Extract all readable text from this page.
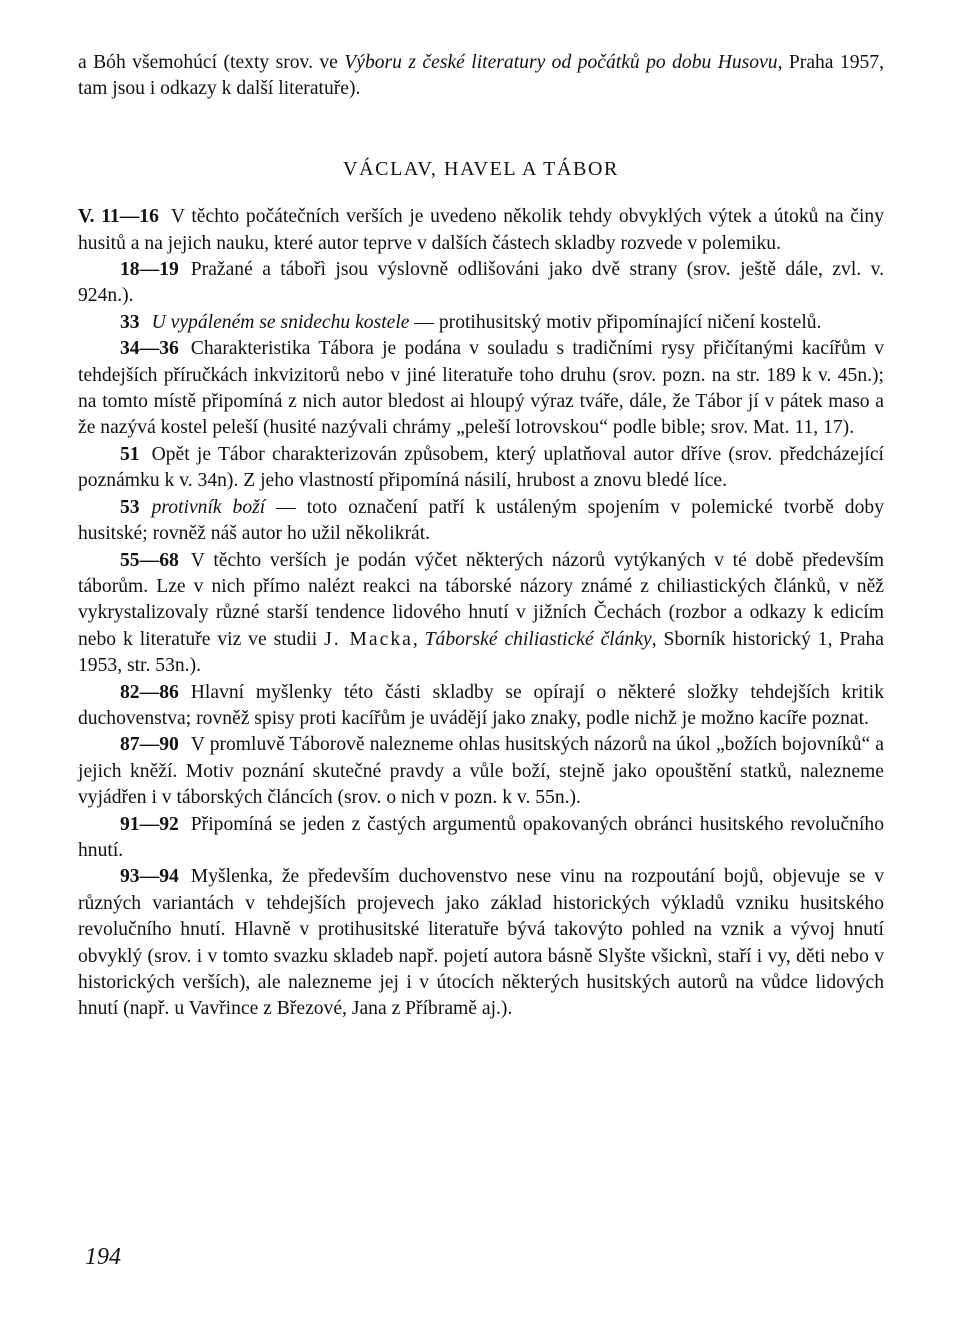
a Bóh všemohúcí (texty srov. ve Výboru z české literatury od počátků po dobu Husovu, Praha 1957, tam jsou i odkazy k další literatuře).

VÁCLAV, HAVEL A TÁBOR

V. 11—16 V těchto počátečních verších je uvedeno několik tehdy obvyklých výtek a útoků na činy husitů a na jejich nauku, které autor teprve v dalších částech skladby rozvede v polemiku.

18—19 Pražané a tábořì jsou výslovně odlišováni jako dvě strany (srov. ještě dále, zvl. v. 924n.).

33 U vypáleném se snidechu kostele — protihusitský motiv připomínající ničení kostelů.

34—36 Charakteristika Tábora je podána v souladu s tradičními rysy přičítanými kacířům v tehdejších příručkách inkvizitorů nebo v jiné literatuře toho druhu (srov. pozn. na str. 189 k v. 45n.); na tomto místě připomíná z nich autor bledost ai hloupý výraz tváře, dále, že Tábor jí v pátek maso a že nazývá kostel peleší (husité nazývali chrámy „peleší lotrovskou“ podle bible; srov. Mat. 11, 17).

51 Opět je Tábor charakterizován způsobem, který uplatňoval autor dříve (srov. předcházející poznámku k v. 34n). Z jeho vlastností připomíná násilí, hrubost a znovu bledé líce.

53 protivník boží — toto označení patří k ustáleným spojením v polemické tvorbě doby husitské; rovněž náš autor ho užil několikrát.

55—68 V těchto verších je podán výčet některých názorů vytýkaných v té době především táborům. Lze v nich přímo nalézt reakci na táborské názory známé z chiliastických článků, v něž vykrystalizovaly různé starší tendence lidového hnutí v jižních Čechách (rozbor a odkazy k edicím nebo k literatuře viz ve studii J. Macka, Táborské chiliastické články, Sborník historický 1, Praha 1953, str. 53n.).

82—86 Hlavní myšlenky této části skladby se opírají o některé složky tehdejších kritik duchovenstva; rovněž spisy proti kacířům je uvádějí jako znaky, podle nichž je možno kacíře poznat.

87—90 V promluvě Táborově nalezneme ohlas husitských názorů na úkol „božích bojovníků“ a jejich kněží. Motiv poznání skutečné pravdy a vůle boží, stejně jako opouštění statků, nalezneme vyjádřen i v táborských článcích (srov. o nich v pozn. k v. 55n.).

91—92 Připomíná se jeden z častých argumentů opakovaných obránci husitského revolučního hnutí.

93—94 Myšlenka, že především duchovenstvo nese vinu na rozpoutání bojů, objevuje se v různých variantách v tehdejších projevech jako základ historických výkladů vzniku husitského revolučního hnutí. Hlavně v protihusitské literatuře bývá takovýto pohled na vznik a vývoj hnutí obvyklý (srov. i v tomto svazku skladeb např. pojetí autora básně Slyšte všicknì, staří i vy, děti nebo v historických verších), ale nalezneme jej i v útocích některých husitských autorů na vůdce lidových hnutí (např. u Vavřince z Březové, Jana z Příbramě aj.).

194
